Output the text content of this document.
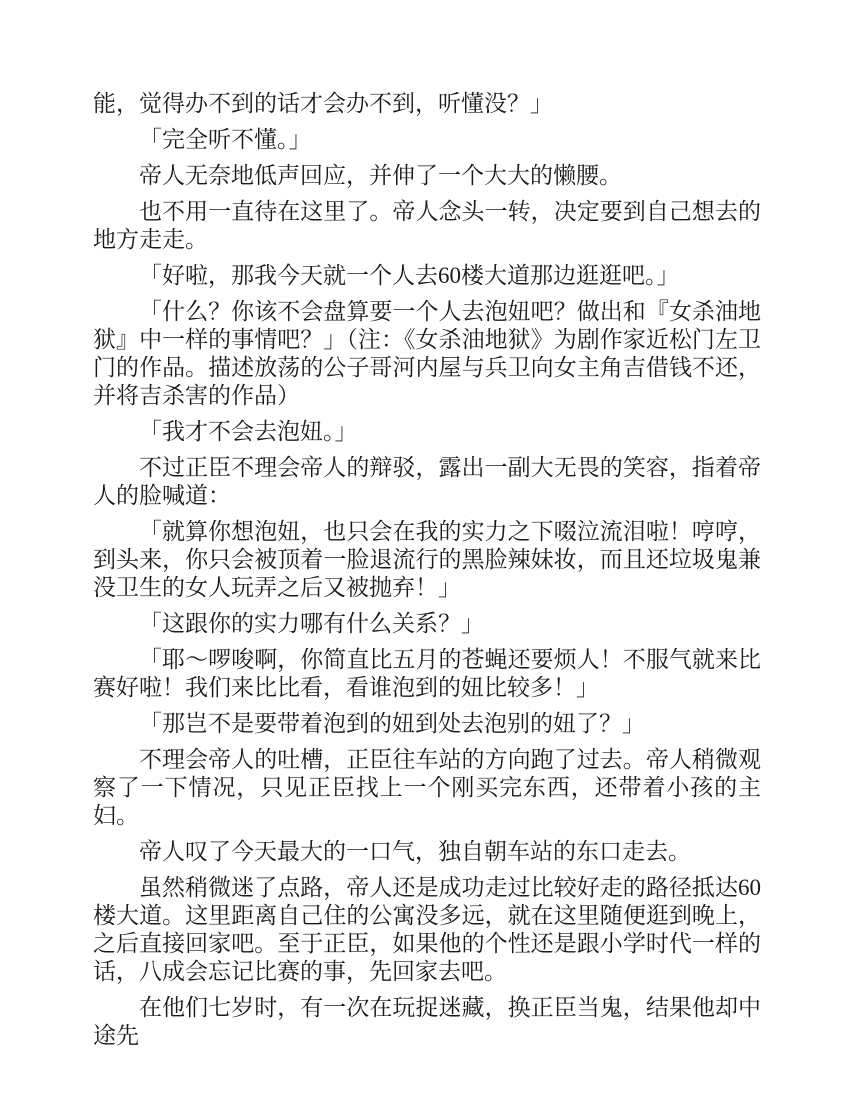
能，觉得办不到的话才会办不到，听懂没？」

「完全听不懂。」

帝人无奈地低声回应，并伸了一个大大的懒腰。

也不用一直待在这里了。帝人念头一转，决定要到自己想去的地方走走。

「好啦，那我今天就一个人去60楼大道那边逛逛吧。」

「什么？你该不会盘算要一个人去泡妞吧？做出和『女杀油地狱』中一样的事情吧？」（注：《女杀油地狱》为剧作家近松门左卫门的作品。描述放荡的公子哥河内屋与兵卫向女主角吉借钱不还，并将吉杀害的作品）

「我才不会去泡妞。」

不过正臣不理会帝人的辩驳，露出一副大无畏的笑容，指着帝人的脸喊道：

「就算你想泡妞，也只会在我的实力之下啜泣流泪啦！哼哼，到头来，你只会被顶着一脸退流行的黑脸辣妹妆，而且还垃圾鬼兼没卫生的女人玩弄之后又被抛弃！」

「这跟你的实力哪有什么关系？」

「耶～啰唆啊，你简直比五月的苍蝇还要烦人！不服气就来比赛好啦！我们来比比看，看谁泡到的妞比较多！」

「那岂不是要带着泡到的妞到处去泡别的妞了？」

不理会帝人的吐槽，正臣往车站的方向跑了过去。帝人稍微观察了一下情况，只见正臣找上一个刚买完东西，还带着小孩的主妇。

帝人叹了今天最大的一口气，独自朝车站的东口走去。

虽然稍微迷了点路，帝人还是成功走过比较好走的路径抵达60楼大道。这里距离自己住的公寓没多远，就在这里随便逛到晚上，之后直接回家吧。至于正臣，如果他的个性还是跟小学时代一样的话，八成会忘记比赛的事，先回家去吧。

在他们七岁时，有一次在玩捉迷藏，换正臣当鬼，结果他却中途先
